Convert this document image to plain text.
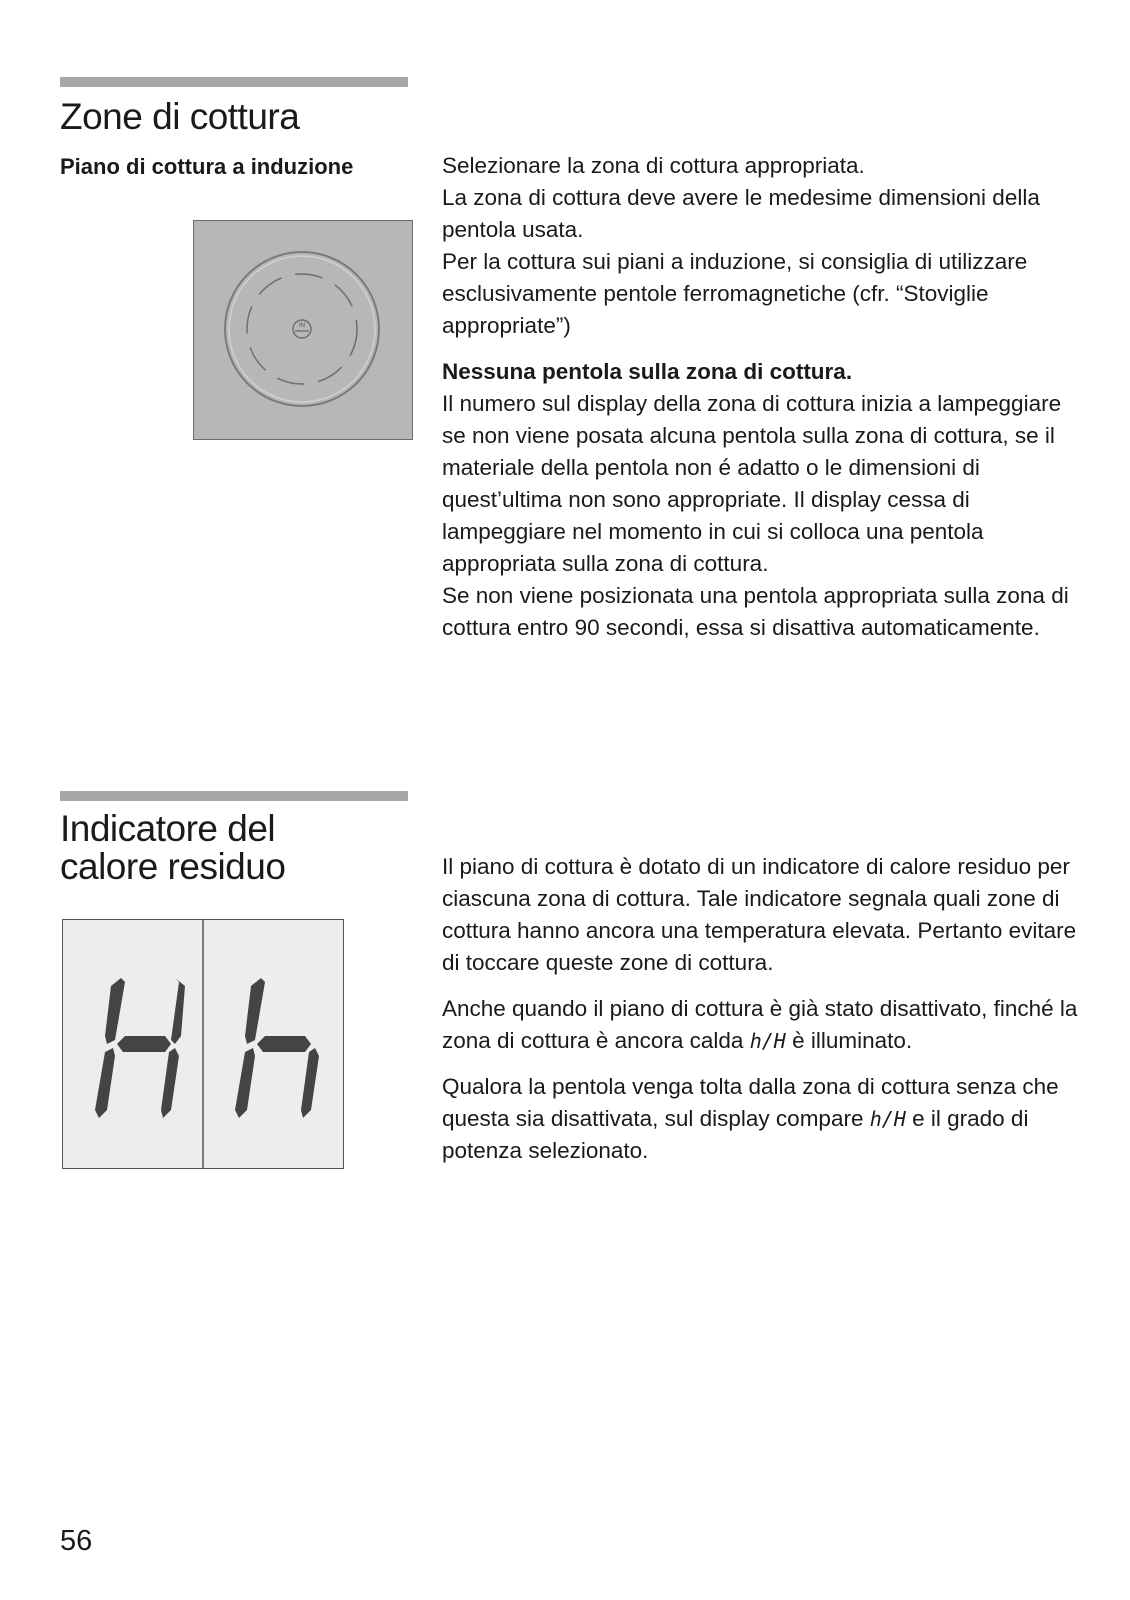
Zone di cottura
Piano di cottura a induzione
IN

Selezionare la zona di cottura appropriata.

La zona di cottura deve avere le medesime dimensioni della pentola usata.

Per la cottura sui piani a induzione, si consiglia di utilizzare esclusivamente pentole ferromagnetiche (cfr. “Stoviglie appropriate”)

Nessuna pentola sulla zona di cottura.

Il numero sul display della zona di cottura inizia a lampeggiare se non viene posata alcuna pentola sulla zona di cottura, se il materiale della pentola non é adatto o le dimensioni di quest’ultima non sono appropriate. Il display cessa di lampeggiare nel momento in cui si colloca una pentola appropriata sulla zona di cottura.

Se non viene posizionata una pentola appropriata sulla zona di cottura entro 90 secondi, essa si disattiva automaticamente.

Indicatore del
calore residuo	Il piano di cottura è dotato di un indicatore di calore residuo per ciascuna zona di cottura. Tale indicatore segnala quali zone di cottura hanno ancora una temperatura elevata. Pertanto evitare di toccare queste zone di cottura.

Anche quando il piano di cottura è già stato disattivato, finché la zona di cottura è ancora calda h/H è illuminato.

Qualora la pentola venga tolta dalla zona di cottura senza che questa sia disattivata, sul display compare h/H e il grado di potenza selezionato.

56
